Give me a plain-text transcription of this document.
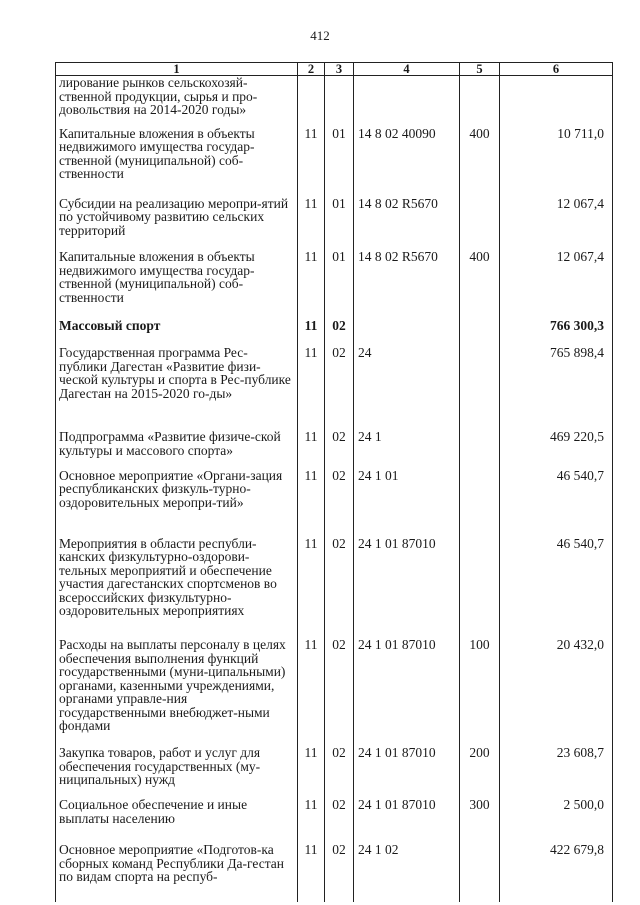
412
1	2	3	4	5	6
лирование рынков сельскохозяй-ственной продукции, сырья и про-довольствия на 2014-2020 годы»					
Капитальные вложения в объекты недвижимого имущества государ-ственной (муниципальной) соб-ственности	11	01	14 8 02 40090	400	10 711,0
Субсидии на реализацию меропри-ятий по устойчивому развитию сельских территорий	11	01	14 8 02 R5670		12 067,4
Капитальные вложения в объекты недвижимого имущества государ-ственной (муниципальной) соб-ственности	11	01	14 8 02 R5670	400	12 067,4
Массовый спорт	11	02			766 300,3
Государственная программа Рес-публики Дагестан «Развитие физи-ческой культуры и спорта в Рес-публике Дагестан на 2015-2020 го-ды»	11	02	24		765 898,4
Подпрограмма «Развитие физиче-ской культуры и массового спорта»	11	02	24 1		469 220,5
Основное мероприятие «Органи-зация республиканских физкуль-турно-оздоровительных меропри-тий»	11	02	24 1 01		46 540,7
Мероприятия в области республи-канских физкультурно-оздорови-тельных мероприятий и обеспечение участия дагестанских спортсменов во всероссийских физкультурно-оздоровительных мероприятиях	11	02	24 1 01 87010		46 540,7
Расходы на выплаты персоналу в целях обеспечения выполнения функций государственными (муни-ципальными) органами, казенными учреждениями, органами управле-ния государственными внебюджет-ными фондами	11	02	24 1 01 87010	100	20 432,0
Закупка товаров, работ и услуг для обеспечения государственных (му-ниципальных) нужд	11	02	24 1 01 87010	200	23 608,7
Социальное обеспечение и иные выплаты населению	11	02	24 1 01 87010	300	2 500,0
Основное мероприятие «Подготов-ка сборных команд Республики Да-гестан по видам спорта на респуб-	11	02	24 1 02		422 679,8
